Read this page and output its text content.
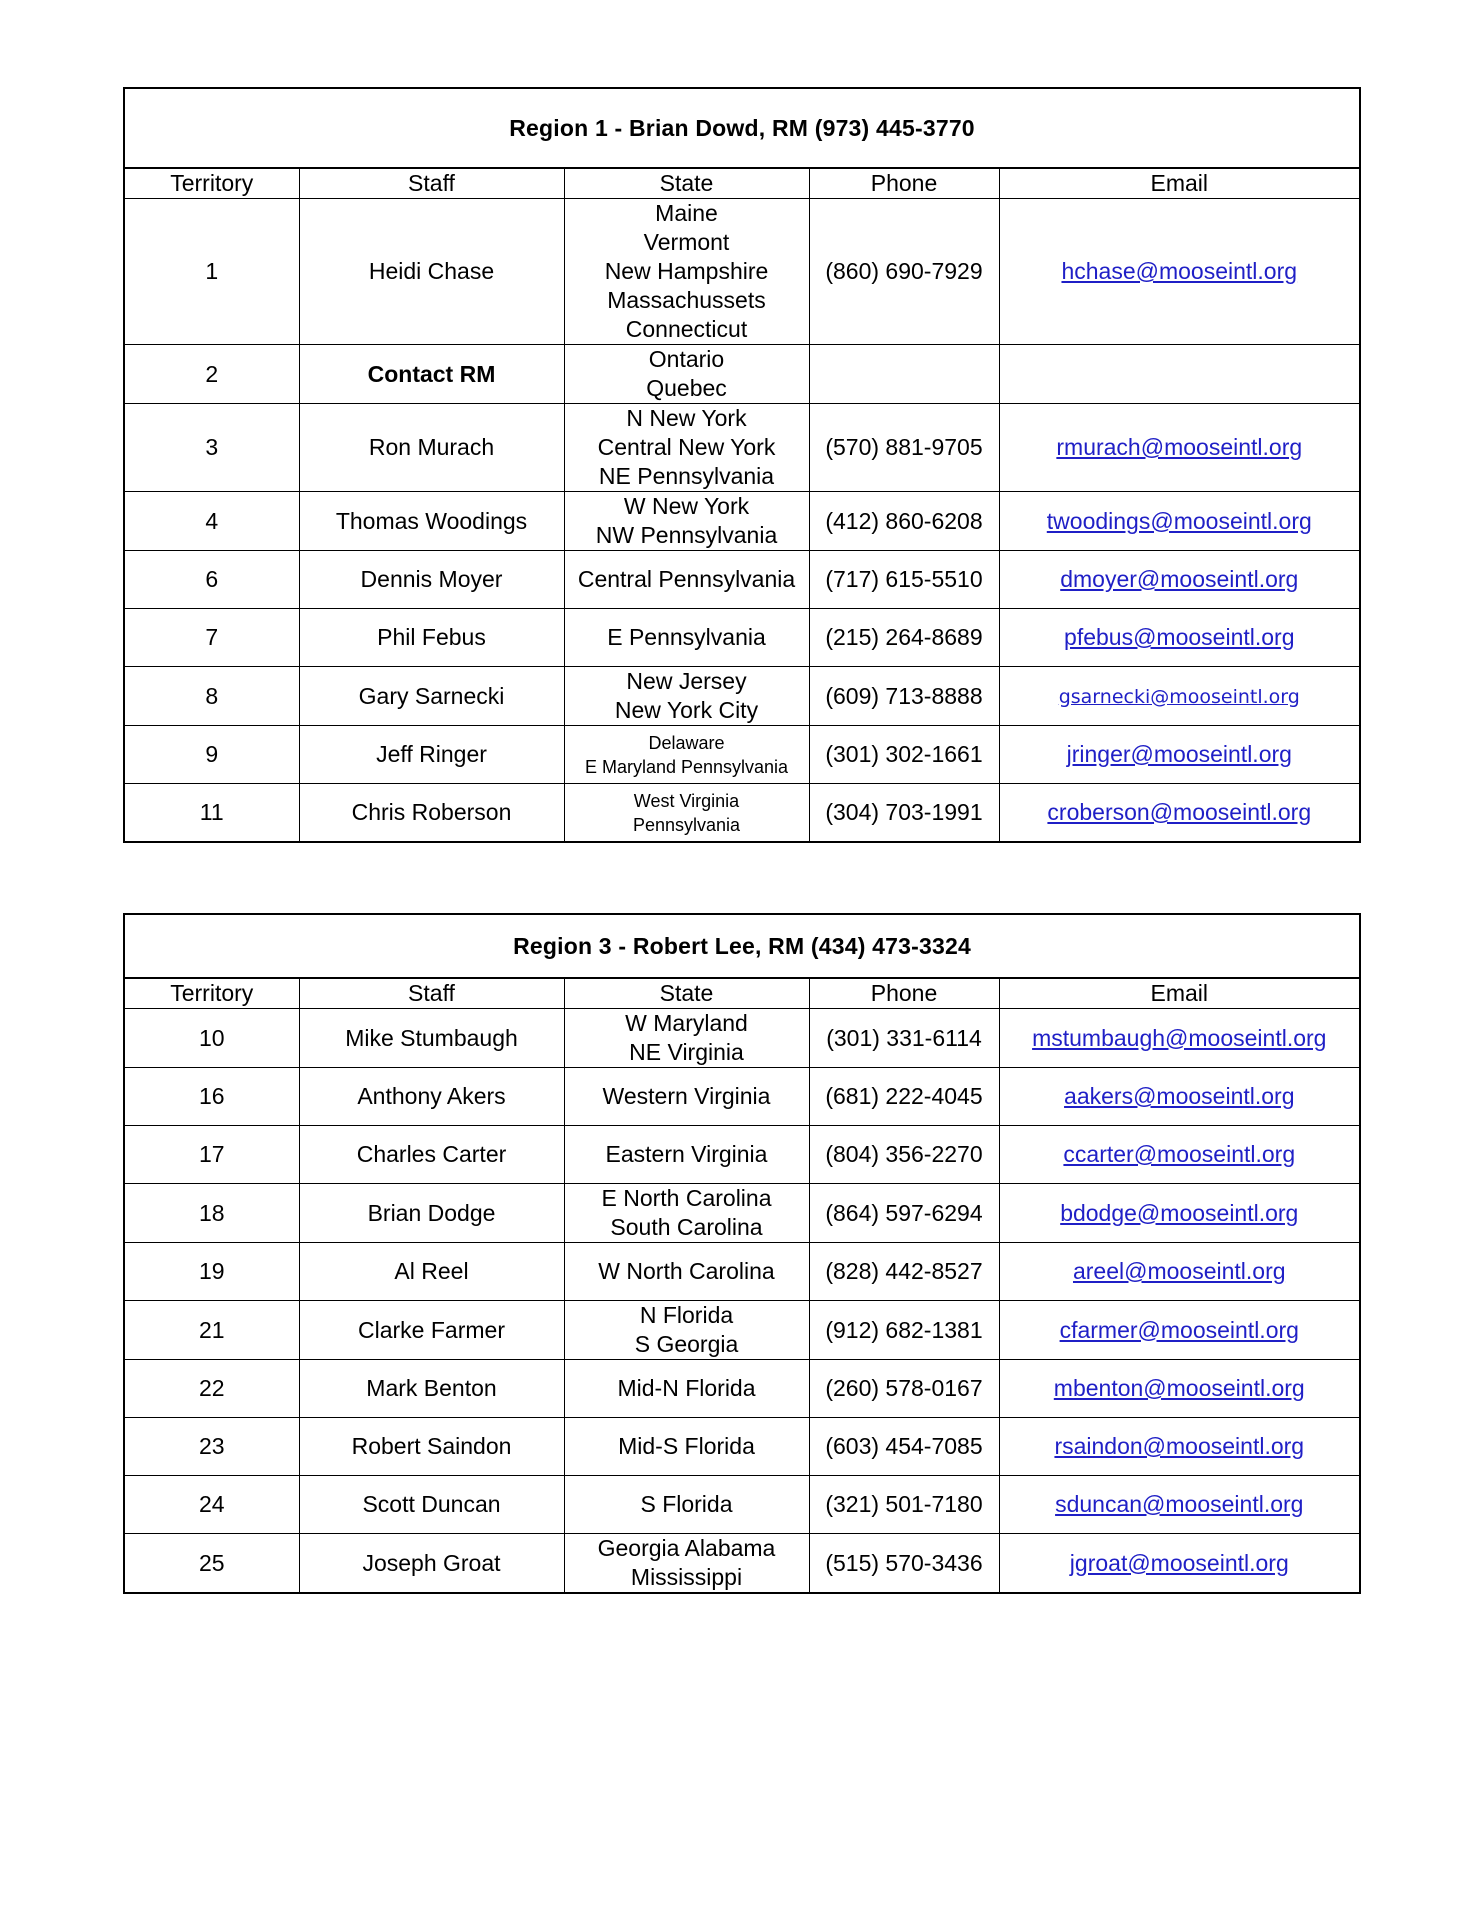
Region 1 - Brian Dowd, RM (973) 445-3770				
Territory	Staff	State	Phone	Email
1	Heidi Chase	Maine
Vermont
New Hampshire
Massachussets
Connecticut	(860) 690-7929	hchase@mooseintl.org
2	Contact RM	Ontario
Quebec		

3	Ron Murach	N New York
Central New York
NE Pennsylvania	(570) 881-9705	rmurach@mooseintl.org
4	Thomas Woodings	W New York
NW Pennsylvania	(412) 860-6208	twoodings@mooseintl.org
6	Dennis Moyer	Central Pennsylvania	(717) 615-5510	dmoyer@mooseintl.org
7	Phil Febus	E Pennsylvania	(215) 264-8689	pfebus@mooseintl.org
8	Gary Sarnecki	New Jersey
New York City	(609) 713-8888	gsarnecki@mooseintl.org
9	Jeff Ringer	Delaware
E Maryland Pennsylvania	(301) 302-1661	jringer@mooseintl.org
11	Chris Roberson	West Virginia
Pennsylvania	(304) 703-1991	croberson@mooseintl.org
Region 3 - Robert Lee, RM (434) 473-3324				
Territory	Staff	State	Phone	Email
10	Mike Stumbaugh	W Maryland
NE Virginia	(301) 331-6114	mstumbaugh@mooseintl.org
16	Anthony Akers	Western Virginia	(681) 222-4045	aakers@mooseintl.org
17	Charles Carter	Eastern Virginia	(804) 356-2270	ccarter@mooseintl.org
18	Brian Dodge	E North Carolina
South Carolina	(864) 597-6294	bdodge@mooseintl.org
19	Al Reel	W North Carolina	(828) 442-8527	areel@mooseintl.org
21	Clarke Farmer	N Florida
S Georgia	(912) 682-1381	cfarmer@mooseintl.org
22	Mark Benton	Mid-N Florida	(260) 578-0167	mbenton@mooseintl.org
23	Robert Saindon	Mid-S Florida	(603) 454-7085	rsaindon@mooseintl.org
24	Scott Duncan	S Florida	(321) 501-7180	sduncan@mooseintl.org
25	Joseph Groat	Georgia Alabama
Mississippi	(515) 570-3436	jgroat@mooseintl.org
